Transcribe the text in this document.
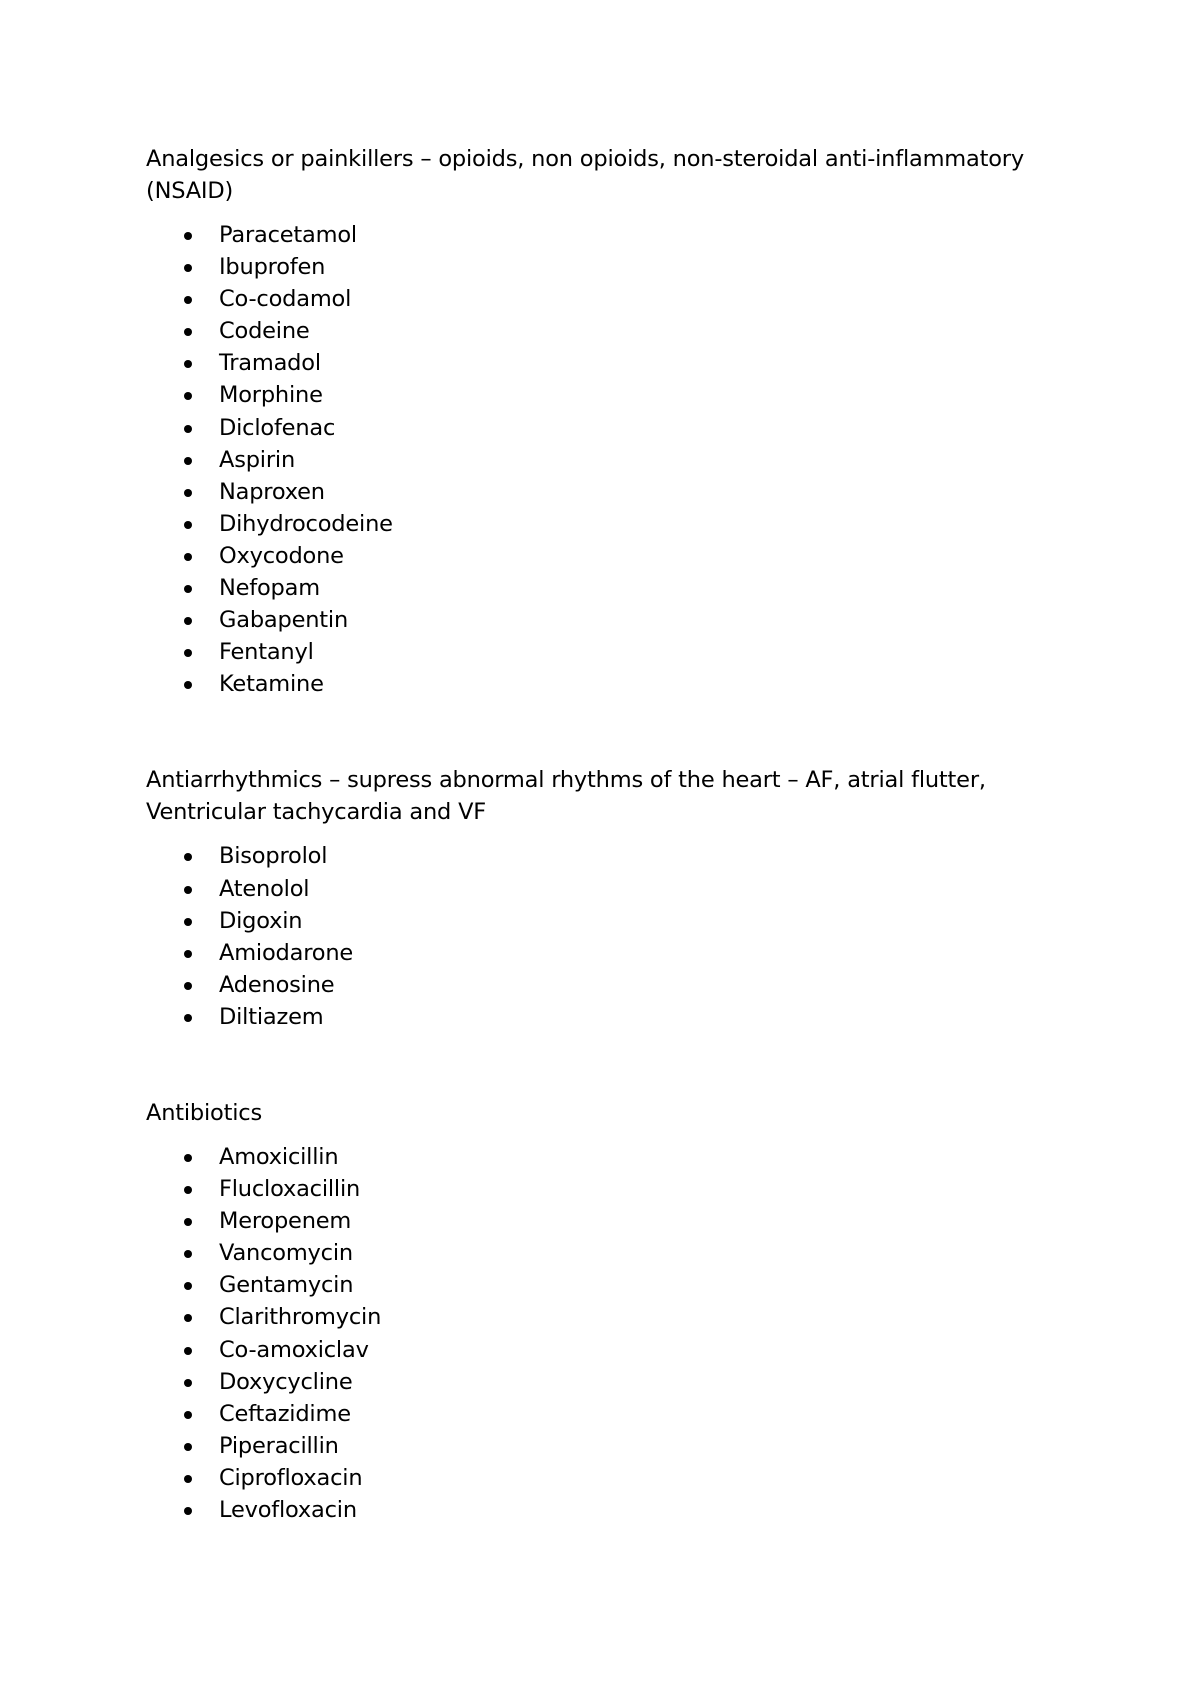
Analgesics or painkillers – opioids, non opioids, non-steroidal anti-inflammatory (NSAID)

Paracetamol
Ibuprofen
Co-codamol
Codeine
Tramadol
Morphine
Diclofenac
Aspirin
Naproxen
Dihydrocodeine
Oxycodone
Nefopam
Gabapentin
Fentanyl
Ketamine

Antiarrhythmics – supress abnormal rhythms of the heart – AF, atrial flutter, Ventricular tachycardia and VF

Bisoprolol
Atenolol
Digoxin
Amiodarone
Adenosine
Diltiazem

Antibiotics

Amoxicillin
Flucloxacillin
Meropenem
Vancomycin
Gentamycin
Clarithromycin
Co-amoxiclav
Doxycycline
Ceftazidime
Piperacillin
Ciprofloxacin
Levofloxacin
